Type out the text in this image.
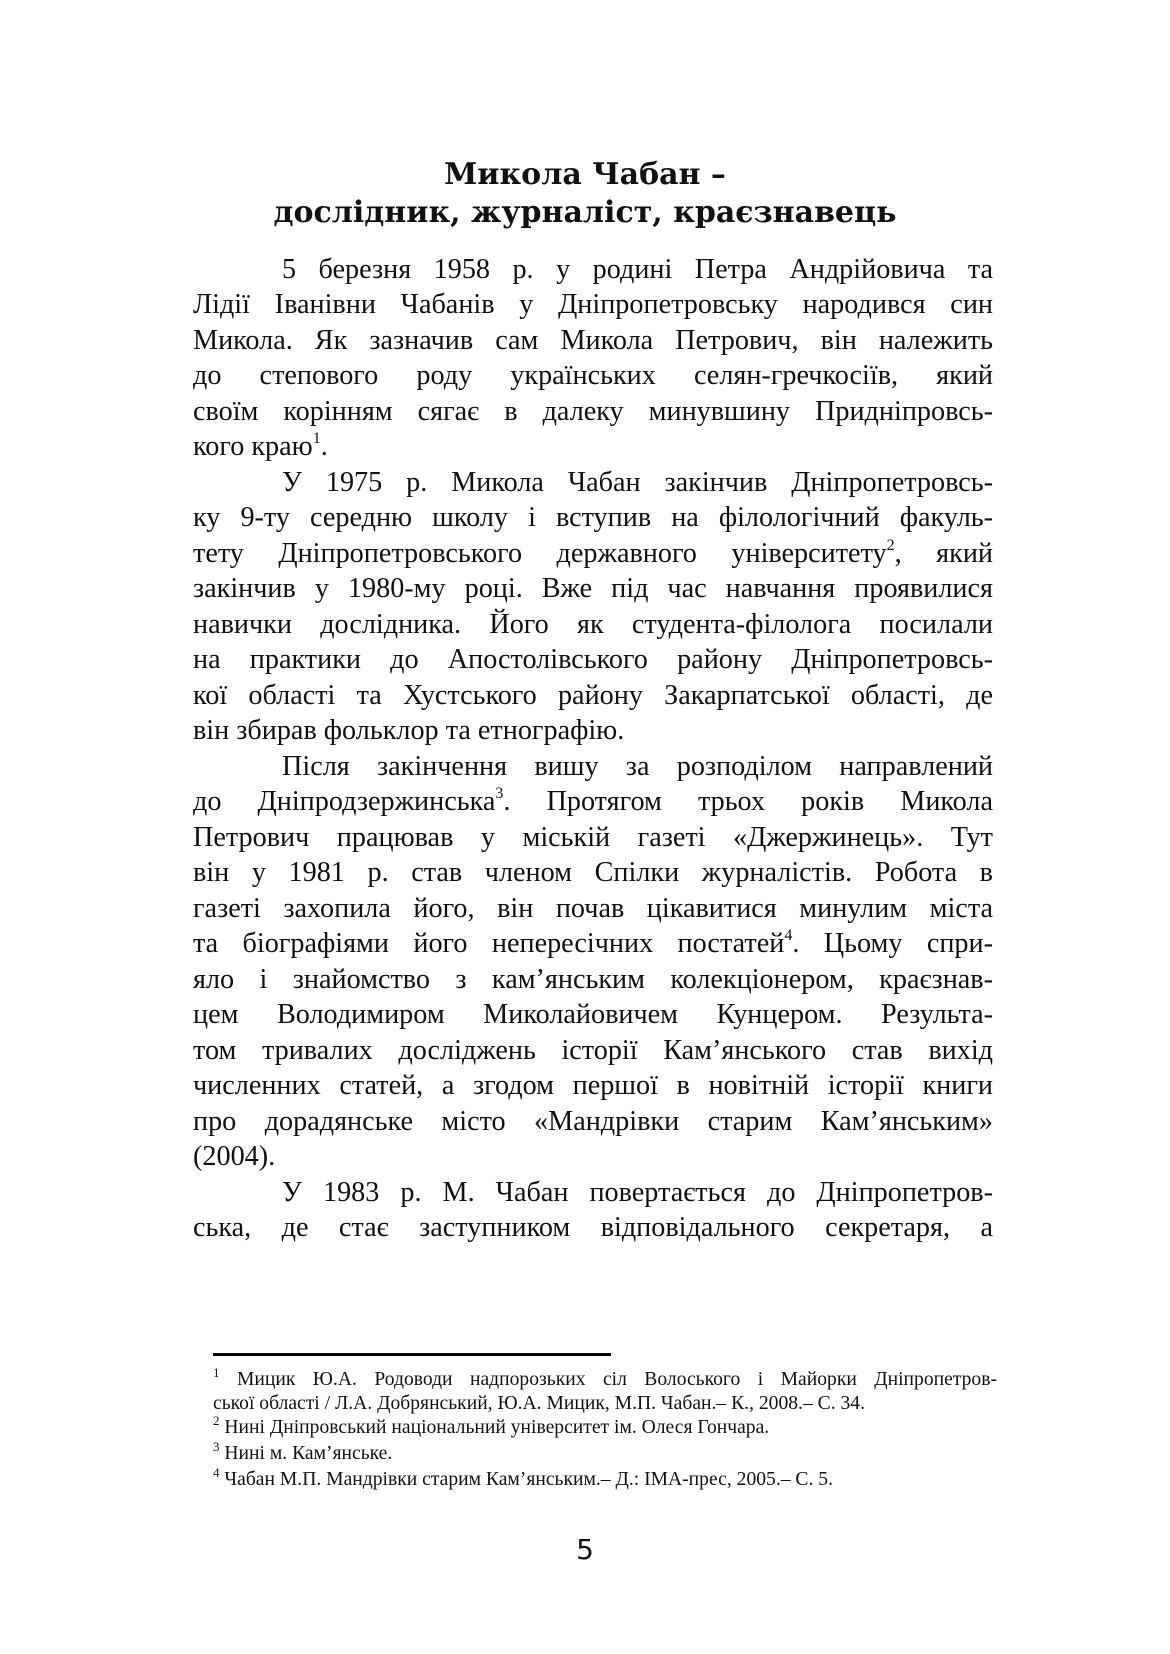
Микола Чабан –
дослідник, журналіст, краєзнавець
5 березня 1958 р. у родині Петра Андрійовича та
Лідії Іванівни Чабанів у Дніпропетровську народився син
Микола. Як зазначив сам Микола Петрович, він належить
до степового роду українських селян-гречкосіїв, який
своїм корінням сягає в далеку минувшину Придніпровсь-
кого краю$^1$.
У 1975 р. Микола Чабан закінчив Дніпропетровсь-
ку 9-ту середню школу і вступив на філологічний факуль-
тету Дніпропетровського державного університету$^2$, який
закінчив у 1980-му році. Вже під час навчання проявилися
навички дослідника. Його як студента-філолога посилали
на практики до Апостолівського району Дніпропетровсь-
кої області та Хустського району Закарпатської області, де
він збирав фольклор та етнографію.
Після закінчення вишу за розподілом направлений
до Дніпродзержинська$^3$. Протягом трьох років Микола
Петрович працював у міській газеті «Джержинець». Тут
він у 1981 р. став членом Спілки журналістів. Робота в
газеті захопила його, він почав цікавитися минулим міста
та біографіями його непересічних постатей$^4$. Цьому спри-
яло і знайомство з кам’янським колекціонером, краєзнав-
цем Володимиром Миколайовичем Кунцером. Результа-
том тривалих досліджень історії Кам’янського став вихід
численних статей, а згодом першої в новітній історії книги
про дорадянське місто «Мандрівки старим Кам’янським»
(2004).
У 1983 р. М. Чабан повертається до Дніпропетров-
ська, де стає заступником відповідального секретаря, а
$^1$ Мицик Ю.А. Родоводи надпорозьких сіл Волоського і Майорки Дніпропетров-
ської області / Л.А. Добрянський, Ю.А. Мицик, М.П. Чабан.– К., 2008.– С. 34.
$^2$ Нині Дніпровський національний університет ім. Олеся Гончара.
$^3$ Нині м. Кам’янське.
$^4$ Чабан М.П. Мандрівки старим Кам’янським.– Д.: ІМА-прес, 2005.– С. 5.
5
